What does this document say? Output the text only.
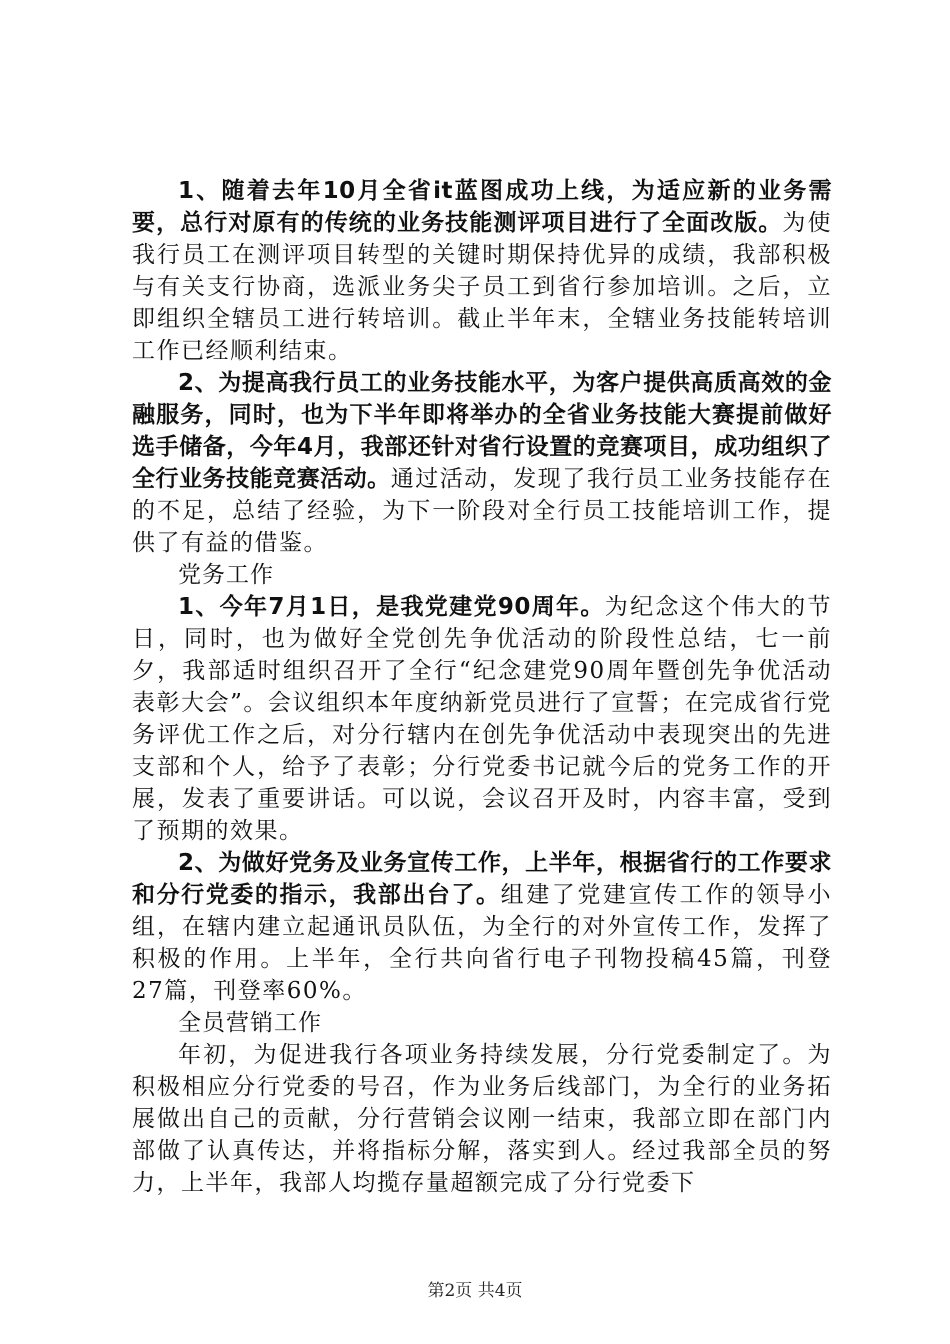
1、随着去年10月全省it蓝图成功上线，为适应新的业务需要，总行对原有的传统的业务技能测评项目进行了全面改版。为使我行员工在测评项目转型的关键时期保持优异的成绩，我部积极与有关支行协商，选派业务尖子员工到省行参加培训。之后，立即组织全辖员工进行转培训。截止半年末，全辖业务技能转培训工作已经顺利结束。

2、为提高我行员工的业务技能水平，为客户提供高质高效的金融服务，同时，也为下半年即将举办的全省业务技能大赛提前做好选手储备，今年4月，我部还针对省行设置的竞赛项目，成功组织了全行业务技能竞赛活动。通过活动，发现了我行员工业务技能存在的不足，总结了经验，为下一阶段对全行员工技能培训工作，提供了有益的借鉴。

党务工作

1、今年7月1日，是我党建党90周年。为纪念这个伟大的节日，同时，也为做好全党创先争优活动的阶段性总结，七一前夕，我部适时组织召开了全行“纪念建党90周年暨创先争优活动表彰大会”。会议组织本年度纳新党员进行了宣誓；在完成省行党务评优工作之后，对分行辖内在创先争优活动中表现突出的先进支部和个人，给予了表彰；分行党委书记就今后的党务工作的开展，发表了重要讲话。可以说，会议召开及时，内容丰富，受到了预期的效果。

2、为做好党务及业务宣传工作，上半年，根据省行的工作要求和分行党委的指示，我部出台了。组建了党建宣传工作的领导小组，在辖内建立起通讯员队伍，为全行的对外宣传工作，发挥了积极的作用。上半年，全行共向省行电子刊物投稿45篇，刊登27篇，刊登率60%。

全员营销工作

年初，为促进我行各项业务持续发展，分行党委制定了。为积极相应分行党委的号召，作为业务后线部门，为全行的业务拓展做出自己的贡献，分行营销会议刚一结束，我部立即在部门内部做了认真传达，并将指标分解，落实到人。经过我部全员的努力，上半年，我部人均揽存量超额完成了分行党委下

第2页 共4页
